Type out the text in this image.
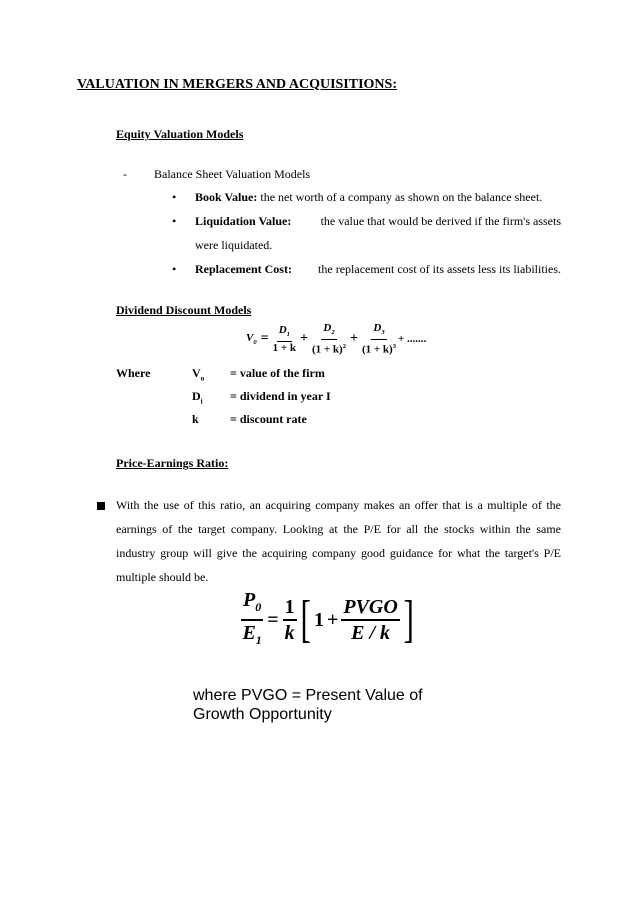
VALUATION IN MERGERS AND ACQUISITIONS:
Equity Valuation Models
- Balance Sheet Valuation Models
• Book Value: the net worth of a company as shown on the balance sheet.
• Liquidation Value: the value that would be derived if the firm's assets
were liquidated.
• Replacement Cost: the replacement cost of its assets less its liabilities.
Dividend Discount Models
$V_0 = \frac{D_1}{1 + k} + \frac{D_2}{(1 + k)^2} + \frac{D_3}{(1 + k)^3}$ + .......
Where	$V_o$ = value of the firm
$D_i$ = dividend in year I
k	= discount rate
Price-Earnings Ratio:
With the use of this ratio, an acquiring company makes an offer that is a multiple of the
earnings of the target company. Looking at the P/E for all the stocks within the same
industry group will give the acquiring company good guidance for what the target's P/E
multiple should be.
$\frac{P_0}{E_1} = \frac{1}{k}$ [ $1 + \frac{\text{PVGO}}{E / k}$ ]
where PVGO = Present Value of
Growth Opportunity
